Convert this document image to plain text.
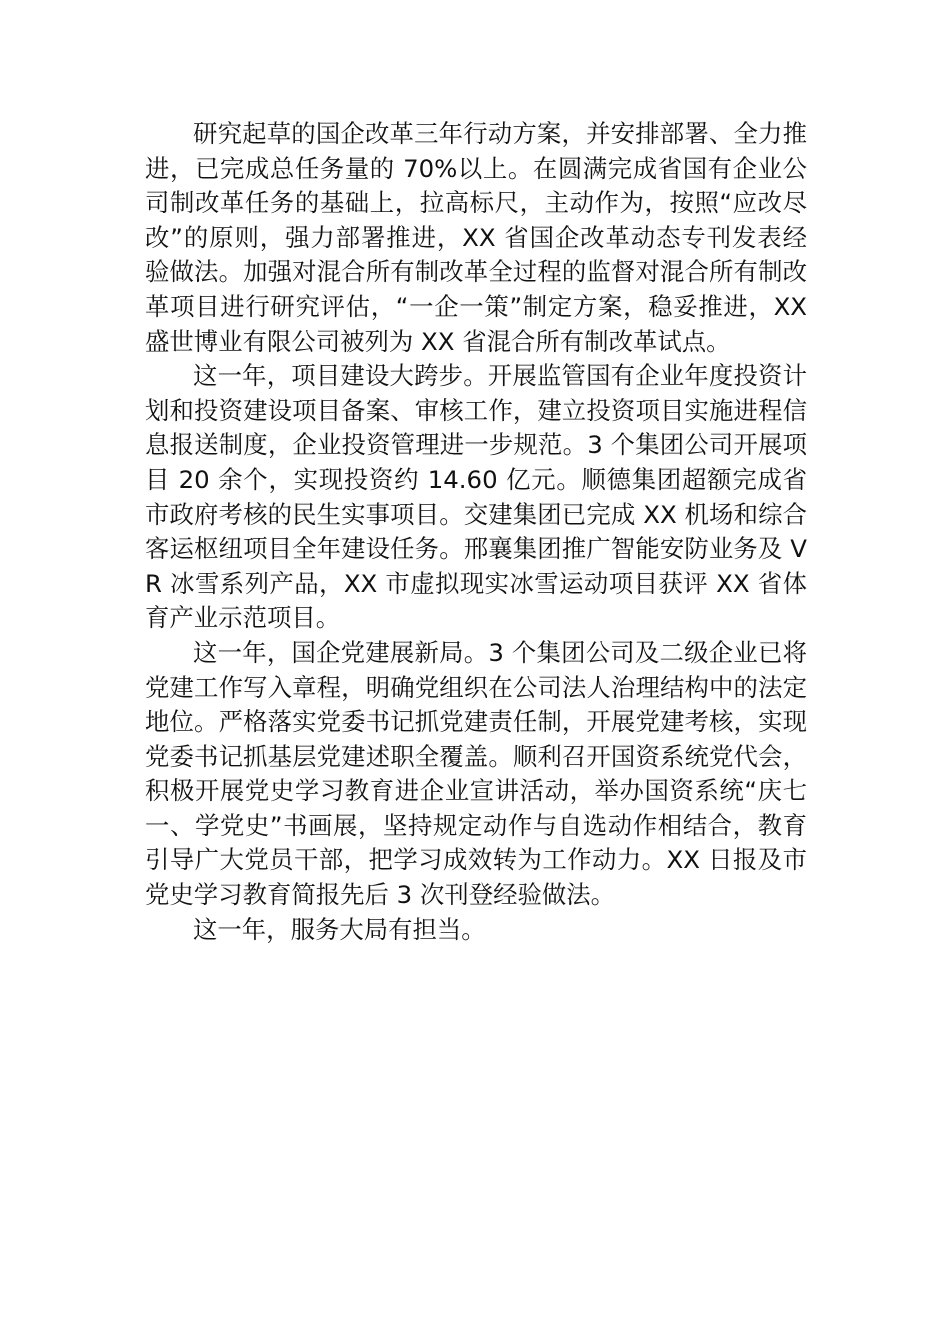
研究起草的国企改革三年行动方案，并安排部署、全力推进，已完成总任务量的 70%以上。在圆满完成省国有企业公司制改革任务的基础上，拉高标尺，主动作为，按照“应改尽改”的原则，强力部署推进，XX 省国企改革动态专刊发表经验做法。加强对混合所有制改革全过程的监督对混合所有制改革项目进行研究评估，“一企一策”制定方案，稳妥推进，XX 盛世博业有限公司被列为 XX 省混合所有制改革试点。

这一年，项目建设大跨步。开展监管国有企业年度投资计划和投资建设项目备案、审核工作，建立投资项目实施进程信息报送制度，企业投资管理进一步规范。3 个集团公司开展项目 20 余个，实现投资约 14.60 亿元。顺德集团超额完成省市政府考核的民生实事项目。交建集团已完成 XX 机场和综合客运枢纽项目全年建设任务。邢襄集团推广智能安防业务及 VR 冰雪系列产品，XX 市虚拟现实冰雪运动项目获评 XX 省体育产业示范项目。

这一年，国企党建展新局。3 个集团公司及二级企业已将党建工作写入章程，明确党组织在公司法人治理结构中的法定地位。严格落实党委书记抓党建责任制，开展党建考核，实现党委书记抓基层党建述职全覆盖。顺利召开国资系统党代会，积极开展党史学习教育进企业宣讲活动，举办国资系统“庆七一、学党史”书画展，坚持规定动作与自选动作相结合，教育引导广大党员干部，把学习成效转为工作动力。XX 日报及市党史学习教育简报先后 3 次刊登经验做法。

这一年，服务大局有担当。
